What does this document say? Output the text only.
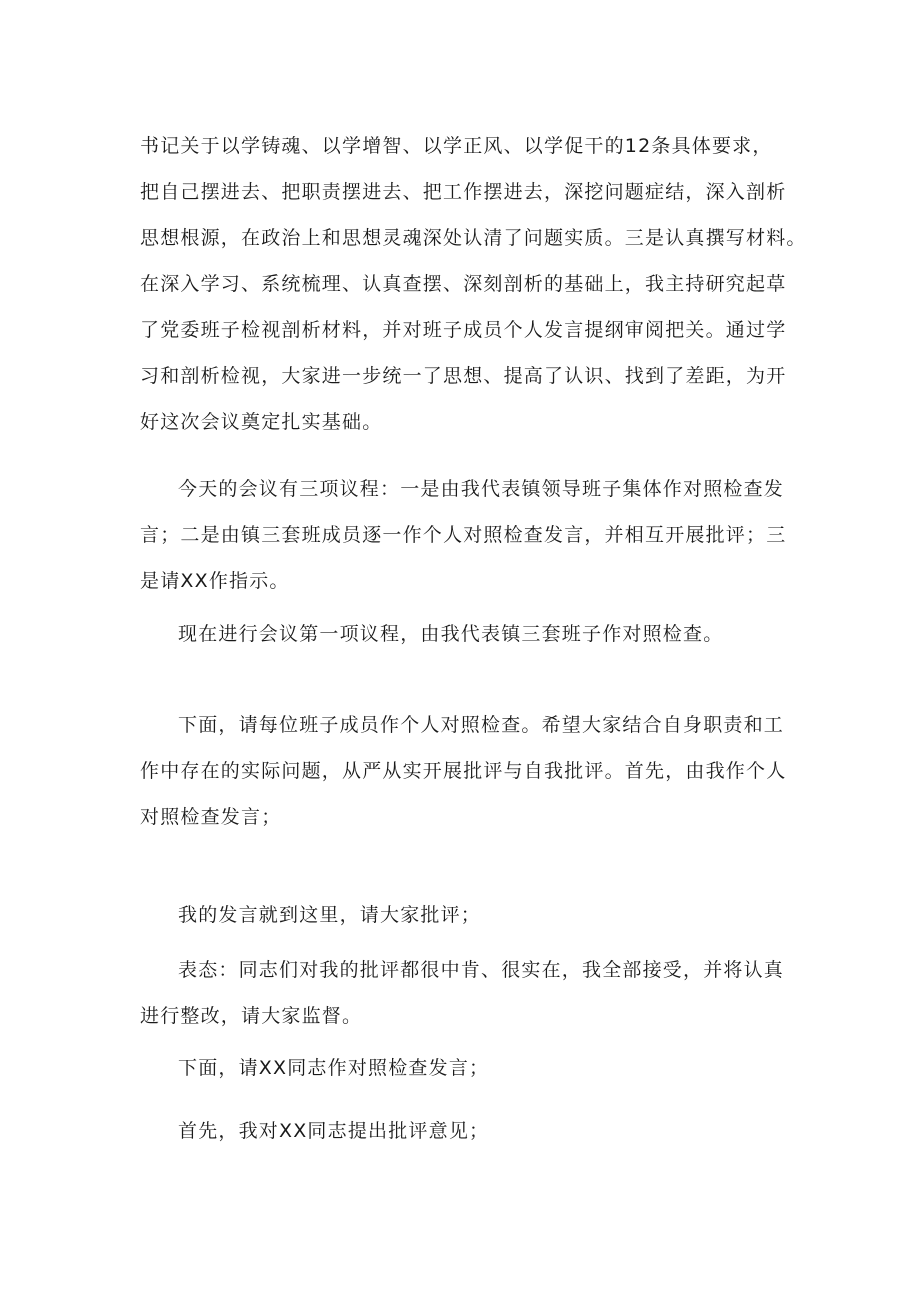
书记关于以学铸魂、以学增智、以学正风、以学促干的12条具体要求，
把自己摆进去、把职责摆进去、把工作摆进去，深挖问题症结，深入剖析
思想根源，在政治上和思想灵魂深处认清了问题实质。三是认真撰写材料。
在深入学习、系统梳理、认真查摆、深刻剖析的基础上，我主持研究起草
了党委班子检视剖析材料，并对班子成员个人发言提纲审阅把关。通过学
习和剖析检视，大家进一步统一了思想、提高了认识、找到了差距，为开
好这次会议奠定扎实基础。

今天的会议有三项议程：一是由我代表镇领导班子集体作对照检查发
言；二是由镇三套班成员逐一作个人对照检查发言，并相互开展批评；三
是请XX作指示。

现在进行会议第一项议程，由我代表镇三套班子作对照检查。

下面，请每位班子成员作个人对照检查。希望大家结合自身职责和工
作中存在的实际问题，从严从实开展批评与自我批评。首先，由我作个人
对照检查发言；

我的发言就到这里，请大家批评；

表态：同志们对我的批评都很中肯、很实在，我全部接受，并将认真
进行整改，请大家监督。

下面，请XX同志作对照检查发言；

首先，我对XX同志提出批评意见；
